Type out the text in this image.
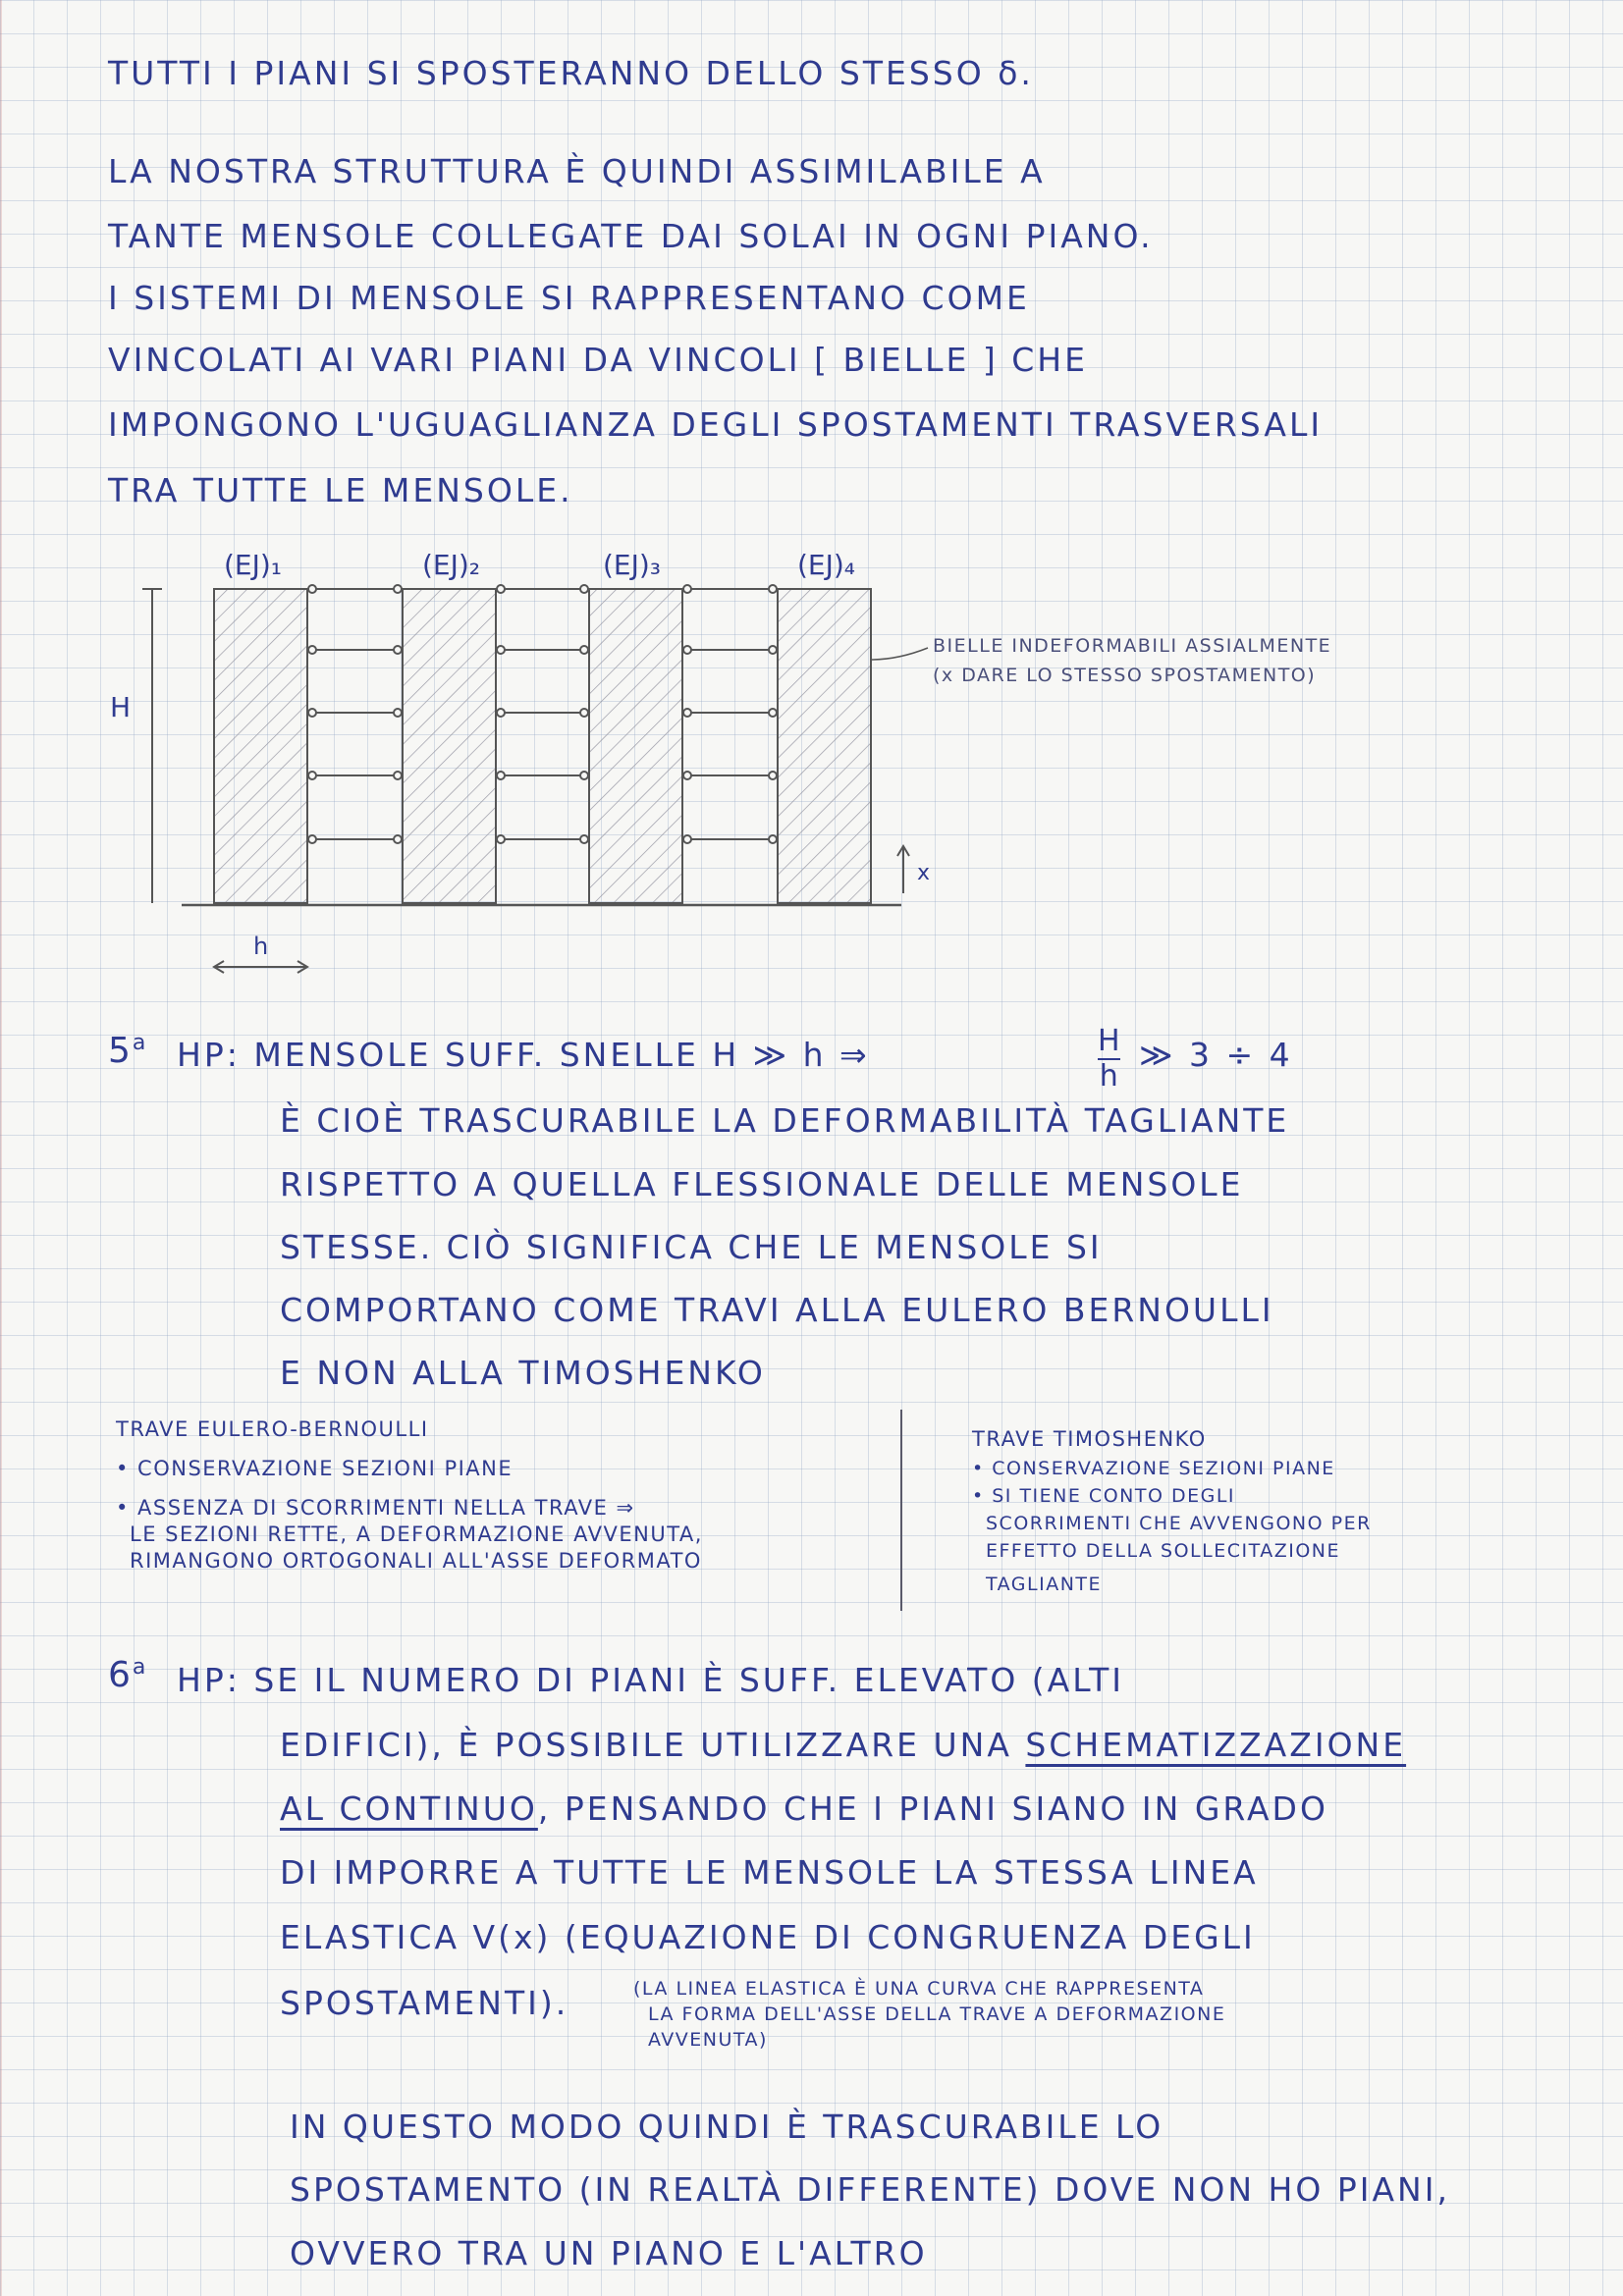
TUTTI I PIANI SI SPOSTERANNO DELLO STESSO δ.
LA NOSTRA STRUTTURA È QUINDI ASSIMILABILE A
TANTE MENSOLE COLLEGATE DAI SOLAI IN OGNI PIANO.
I SISTEMI DI MENSOLE SI RAPPRESENTANO COME
VINCOLATI AI VARI PIANI DA VINCOLI [ BIELLE ] CHE
IMPONGONO L'UGUAGLIANZA DEGLI SPOSTAMENTI TRASVERSALI
TRA TUTTE LE MENSOLE.
(EJ)₁	(EJ)₂	(EJ)₃	(EJ)₄
H
h
x
BIELLE INDEFORMABILI ASSIALMENTE
(x DARE LO STESSO SPOSTAMENTO)
5$^a$ HP: MENSOLE SUFF. SNELLE H ≫ h ⇒	H
h
≫ 3 ÷ 4
È CIOÈ TRASCURABILE LA DEFORMABILITÀ TAGLIANTE
RISPETTO A QUELLA FLESSIONALE DELLE MENSOLE
STESSE. CIÒ SIGNIFICA CHE LE MENSOLE SI
COMPORTANO COME TRAVI ALLA EULERO BERNOULLI
E NON ALLA TIMOSHENKO
TRAVE EULERO-BERNOULLI
• CONSERVAZIONE SEZIONI PIANE
• ASSENZA DI SCORRIMENTI NELLA TRAVE ⇒
LE SEZIONI RETTE, A DEFORMAZIONE AVVENUTA,
RIMANGONO ORTOGONALI ALL'ASSE DEFORMATO
TRAVE TIMOSHENKO
• CONSERVAZIONE SEZIONI PIANE
• SI TIENE CONTO DEGLI
SCORRIMENTI CHE AVVENGONO PER
EFFETTO DELLA SOLLECITAZIONE
TAGLIANTE
6$^a$ HP: SE IL NUMERO DI PIANI È SUFF. ELEVATO (ALTI
EDIFICI), È POSSIBILE UTILIZZARE UNA SCHEMATIZZAZIONE
AL CONTINUO, PENSANDO CHE I PIANI SIANO IN GRADO
DI IMPORRE A TUTTE LE MENSOLE LA STESSA LINEA
ELASTICA V(x) (EQUAZIONE DI CONGRUENZA DEGLI
SPOSTAMENTI).	(LA LINEA ELASTICA È UNA CURVA CHE RAPPRESENTA
LA FORMA DELL'ASSE DELLA TRAVE A DEFORMAZIONE
AVVENUTA)
IN QUESTO MODO QUINDI È TRASCURABILE LO
SPOSTAMENTO (IN REALTÀ DIFFERENTE) DOVE NON HO PIANI,
OVVERO TRA UN PIANO E L'ALTRO
